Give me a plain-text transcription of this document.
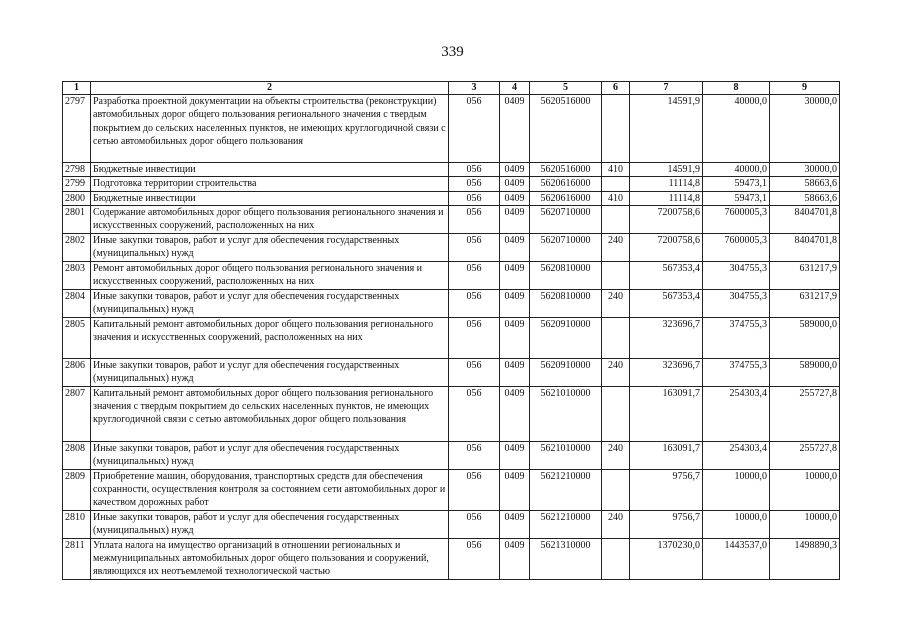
339
1	2	3	4	5	6	7	8	9
2797	Разработка проектной документации на объекты строительства (реконструкции) автомобильных дорог общего пользования регионального значения с твердым покрытием до сельских населенных пунктов, не имеющих круглогодичной связи с сетью автомобильных дорог общего пользования	056	0409	5620516000		14591,9	40000,0	30000,0
2798	Бюджетные инвестиции	056	0409	5620516000	410	14591,9	40000,0	30000,0
2799	Подготовка территории строительства	056	0409	5620616000		11114,8	59473,1	58663,6
2800	Бюджетные инвестиции	056	0409	5620616000	410	11114,8	59473,1	58663,6
2801	Содержание автомобильных дорог общего пользования регионального значения и искусственных сооружений, расположенных на них	056	0409	5620710000		7200758,6	7600005,3	8404701,8
2802	Иные закупки товаров, работ и услуг для обеспечения государственных (муниципальных) нужд	056	0409	5620710000	240	7200758,6	7600005,3	8404701,8
2803	Ремонт автомобильных дорог общего пользования регионального значения и искусственных сооружений, расположенных на них	056	0409	5620810000		567353,4	304755,3	631217,9
2804	Иные закупки товаров, работ и услуг для обеспечения государственных (муниципальных) нужд	056	0409	5620810000	240	567353,4	304755,3	631217,9
2805	Капитальный ремонт автомобильных дорог общего пользования регионального значения и искусственных сооружений, расположенных на них	056	0409	5620910000		323696,7	374755,3	589000,0
2806	Иные закупки товаров, работ и услуг для обеспечения государственных (муниципальных) нужд	056	0409	5620910000	240	323696,7	374755,3	589000,0
2807	Капитальный ремонт автомобильных дорог общего пользования регионального значения с твердым покрытием до сельских населенных пунктов, не имеющих круглогодичной связи с сетью автомобильных дорог общего пользования	056	0409	5621010000		163091,7	254303,4	255727,8
2808	Иные закупки товаров, работ и услуг для обеспечения государственных (муниципальных) нужд	056	0409	5621010000	240	163091,7	254303,4	255727,8
2809	Приобретение машин, оборудования, транспортных средств для обеспечения сохранности, осуществления контроля за состоянием сети автомобильных дорог и качеством дорожных работ	056	0409	5621210000		9756,7	10000,0	10000,0
2810	Иные закупки товаров, работ и услуг для обеспечения государственных (муниципальных) нужд	056	0409	5621210000	240	9756,7	10000,0	10000,0
2811	Уплата налога на имущество организаций в отношении региональных и межмуниципальных автомобильных дорог общего пользования и сооружений, являющихся их неотъемлемой технологической частью	056	0409	5621310000		1370230,0	1443537,0	1498890,3
